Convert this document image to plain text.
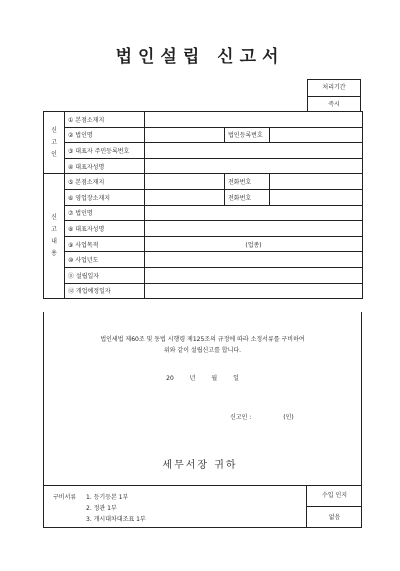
법인설립 신고서
처리기간
즉시
신
고
인	① 본점소재지			
	② 법인명		법인등록번호	
	③ 대표자 주민등록번호			
	④ 대표자성명			
신
고
내
용	⑤ 본점소재지		전화번호	
	⑥ 영업장소재지		전화번호	
	⑦ 법인명			
	⑧ 대표자성명			
	⑨ 사업목적	(업종)		
	⑩ 사업년도			
	⑪ 설립일자			
	⑫ 개업예정일자			
법인세법 제60조 및 동법 시행령 제125조의 규정에 따라 소정서류를 구비하여
위와 같이 설립신고를 합니다.
20 년 월 일
신고인 :	(인)
세무서장 귀하
구비서류 1. 등기등본 1부
2. 정관 1부
3. 개시대차대조표 1부
수입 인지
없음
